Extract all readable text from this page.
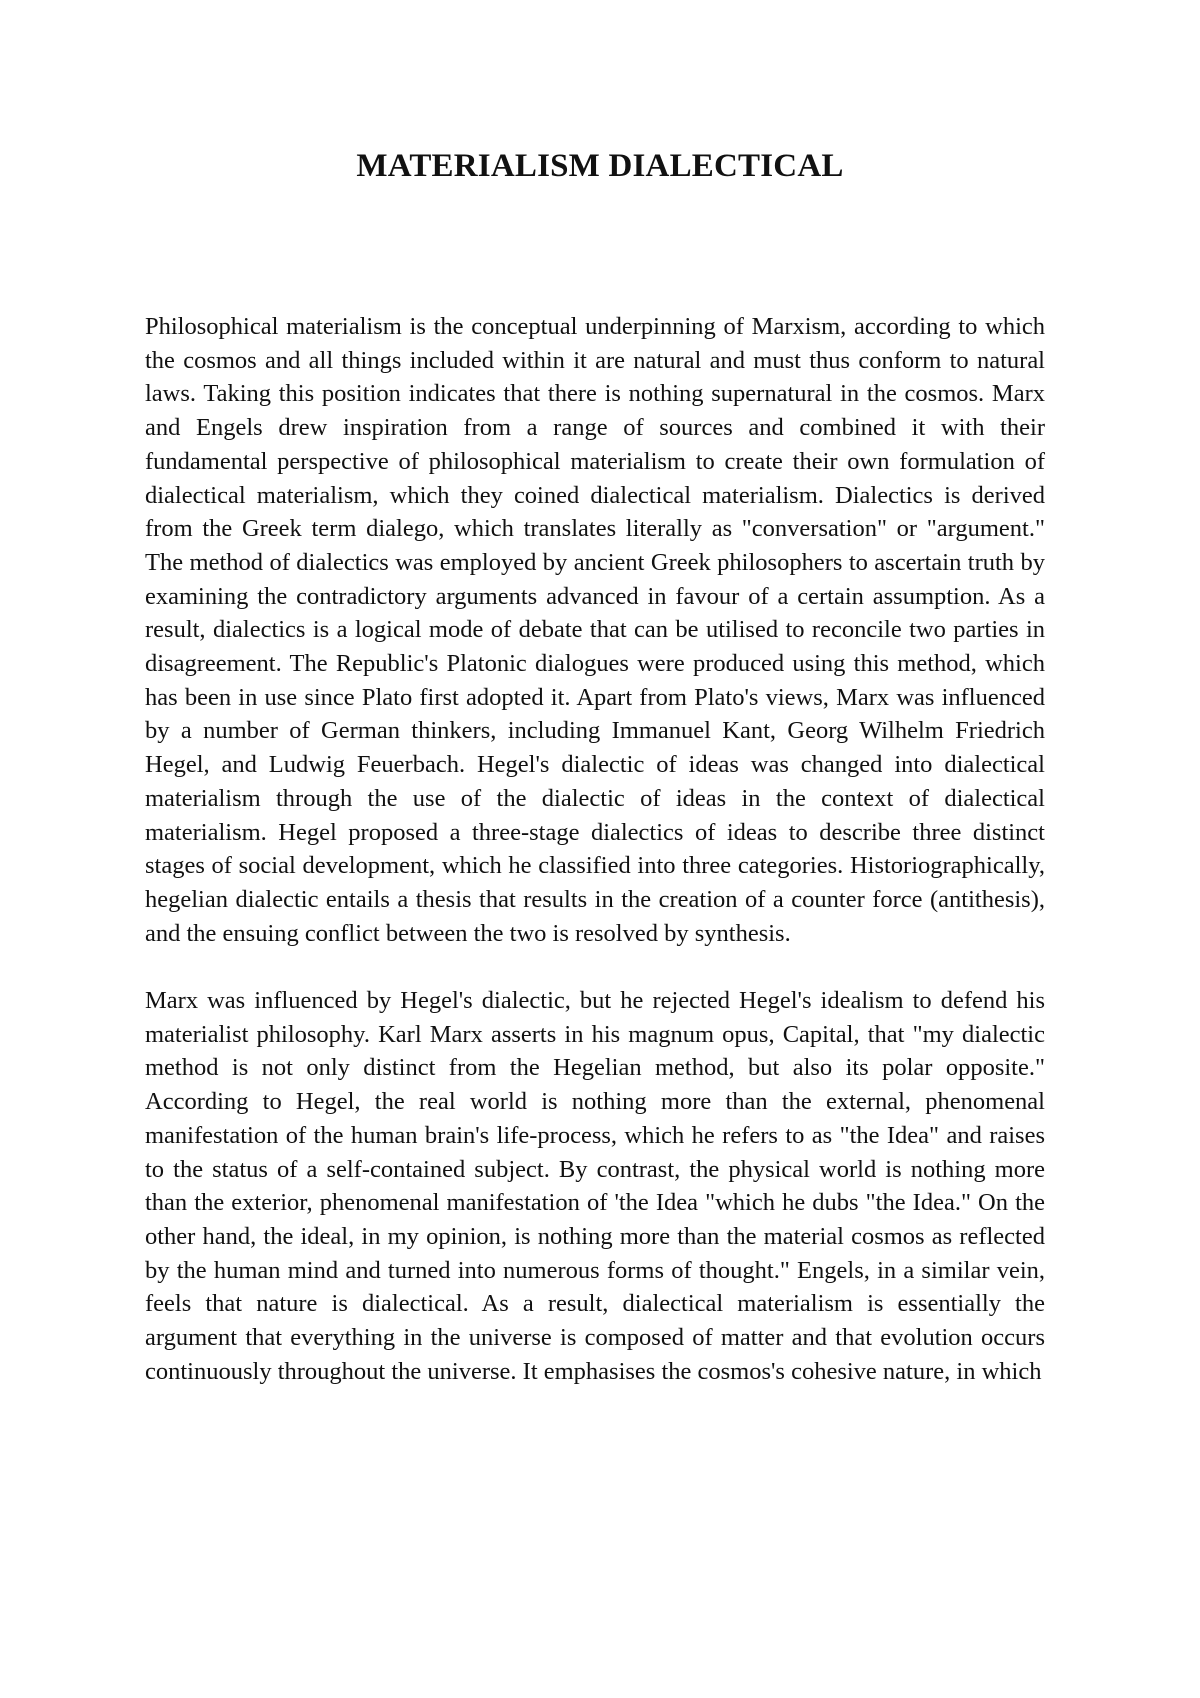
MATERIALISM DIALECTICAL

Philosophical materialism is the conceptual underpinning of Marxism, according to which the cosmos and all things included within it are natural and must thus conform to natural laws. Taking this position indicates that there is nothing supernatural in the cosmos. Marx and Engels drew inspiration from a range of sources and combined it with their fundamental perspective of philosophical materialism to create their own formulation of dialectical materialism, which they coined dialectical materialism. Dialectics is derived from the Greek term dialego, which translates literally as "conversation" or "argument." The method of dialectics was employed by ancient Greek philosophers to ascertain truth by examining the contradictory arguments advanced in favour of a certain assumption. As a result, dialectics is a logical mode of debate that can be utilised to reconcile two parties in disagreement. The Republic's Platonic dialogues were produced using this method, which has been in use since Plato first adopted it. Apart from Plato's views, Marx was influenced by a number of German thinkers, including Immanuel Kant, Georg Wilhelm Friedrich Hegel, and Ludwig Feuerbach. Hegel's dialectic of ideas was changed into dialectical materialism through the use of the dialectic of ideas in the context of dialectical materialism. Hegel proposed a three-stage dialectics of ideas to describe three distinct stages of social development, which he classified into three categories. Historiographically, hegelian dialectic entails a thesis that results in the creation of a counter force (antithesis), and the ensuing conflict between the two is resolved by synthesis.

Marx was influenced by Hegel's dialectic, but he rejected Hegel's idealism to defend his materialist philosophy. Karl Marx asserts in his magnum opus, Capital, that "my dialectic method is not only distinct from the Hegelian method, but also its polar opposite." According to Hegel, the real world is nothing more than the external, phenomenal manifestation of the human brain's life-process, which he refers to as "the Idea" and raises to the status of a self-contained subject. By contrast, the physical world is nothing more than the exterior, phenomenal manifestation of 'the Idea "which he dubs "the Idea." On the other hand, the ideal, in my opinion, is nothing more than the material cosmos as reflected by the human mind and turned into numerous forms of thought." Engels, in a similar vein, feels that nature is dialectical. As a result, dialectical materialism is essentially the argument that everything in the universe is composed of matter and that evolution occurs continuously throughout the universe. It emphasises the cosmos's cohesive nature, in which
